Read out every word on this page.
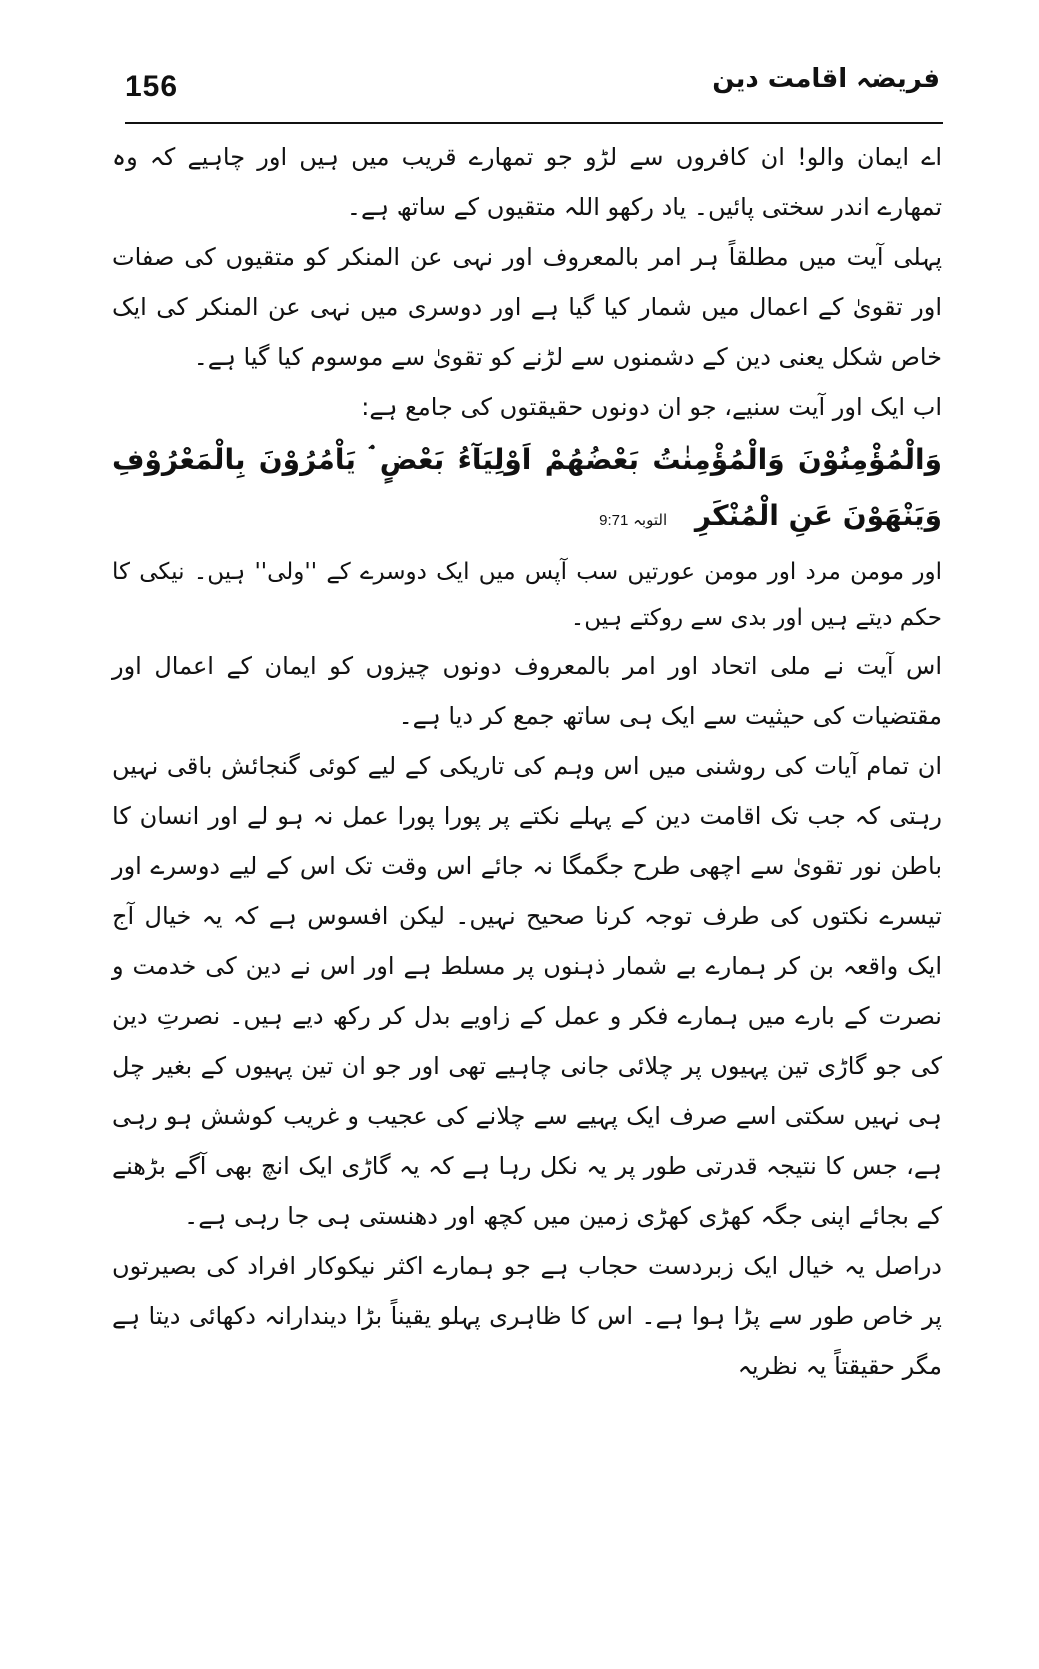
156	فریضہ اقامت دین

اے ایمان والو! ان کافروں سے لڑو جو تمھارے قریب میں ہیں اور چاہیے کہ وہ تمھارے اندر سختی پائیں۔ یاد رکھو اللہ متقیوں کے ساتھ ہے۔

پہلی آیت میں مطلقاً ہر امر بالمعروف اور نہی عن المنکر کو متقیوں کی صفات اور تقویٰ کے اعمال میں شمار کیا گیا ہے اور دوسری میں نہی عن المنکر کی ایک خاص شکل یعنی دین کے دشمنوں سے لڑنے کو تقویٰ سے موسوم کیا گیا ہے۔

اب ایک اور آیت سنیے، جو ان دونوں حقیقتوں کی جامع ہے:

وَالْمُؤْمِنُوْنَ وَالْمُؤْمِنٰتُ بَعْضُهُمْ اَوْلِيَآءُ بَعْضٍ ۘ يَاْمُرُوْنَ بِالْمَعْرُوْفِ وَيَنْهَوْنَ عَنِ الْمُنْكَرِ التوبہ 9:71

اور مومن مرد اور مومن عورتیں سب آپس میں ایک دوسرے کے ''ولی'' ہیں۔ نیکی کا حکم دیتے ہیں اور بدی سے روکتے ہیں۔

اس آیت نے ملی اتحاد اور امر بالمعروف دونوں چیزوں کو ایمان کے اعمال اور مقتضیات کی حیثیت سے ایک ہی ساتھ جمع کر دیا ہے۔

ان تمام آیات کی روشنی میں اس وہم کی تاریکی کے لیے کوئی گنجائش باقی نہیں رہتی کہ جب تک اقامت دین کے پہلے نکتے پر پورا پورا عمل نہ ہو لے اور انسان کا باطن نور تقویٰ سے اچھی طرح جگمگا نہ جائے اس وقت تک اس کے لیے دوسرے اور تیسرے نکتوں کی طرف توجہ کرنا صحیح نہیں۔ لیکن افسوس ہے کہ یہ خیال آج ایک واقعہ بن کر ہمارے بے شمار ذہنوں پر مسلط ہے اور اس نے دین کی خدمت و نصرت کے بارے میں ہمارے فکر و عمل کے زاویے بدل کر رکھ دیے ہیں۔ نصرتِ دین کی جو گاڑی تین پہیوں پر چلائی جانی چاہیے تھی اور جو ان تین پہیوں کے بغیر چل ہی نہیں سکتی اسے صرف ایک پہیے سے چلانے کی عجیب و غریب کوشش ہو رہی ہے، جس کا نتیجہ قدرتی طور پر یہ نکل رہا ہے کہ یہ گاڑی ایک انچ بھی آگے بڑھنے کے بجائے اپنی جگہ کھڑی کھڑی زمین میں کچھ اور دھنستی ہی جا رہی ہے۔

دراصل یہ خیال ایک زبردست حجاب ہے جو ہمارے اکثر نیکوکار افراد کی بصیرتوں پر خاص طور سے پڑا ہوا ہے۔ اس کا ظاہری پہلو یقیناً بڑا دیندارانہ دکھائی دیتا ہے مگر حقیقتاً یہ نظریہ
